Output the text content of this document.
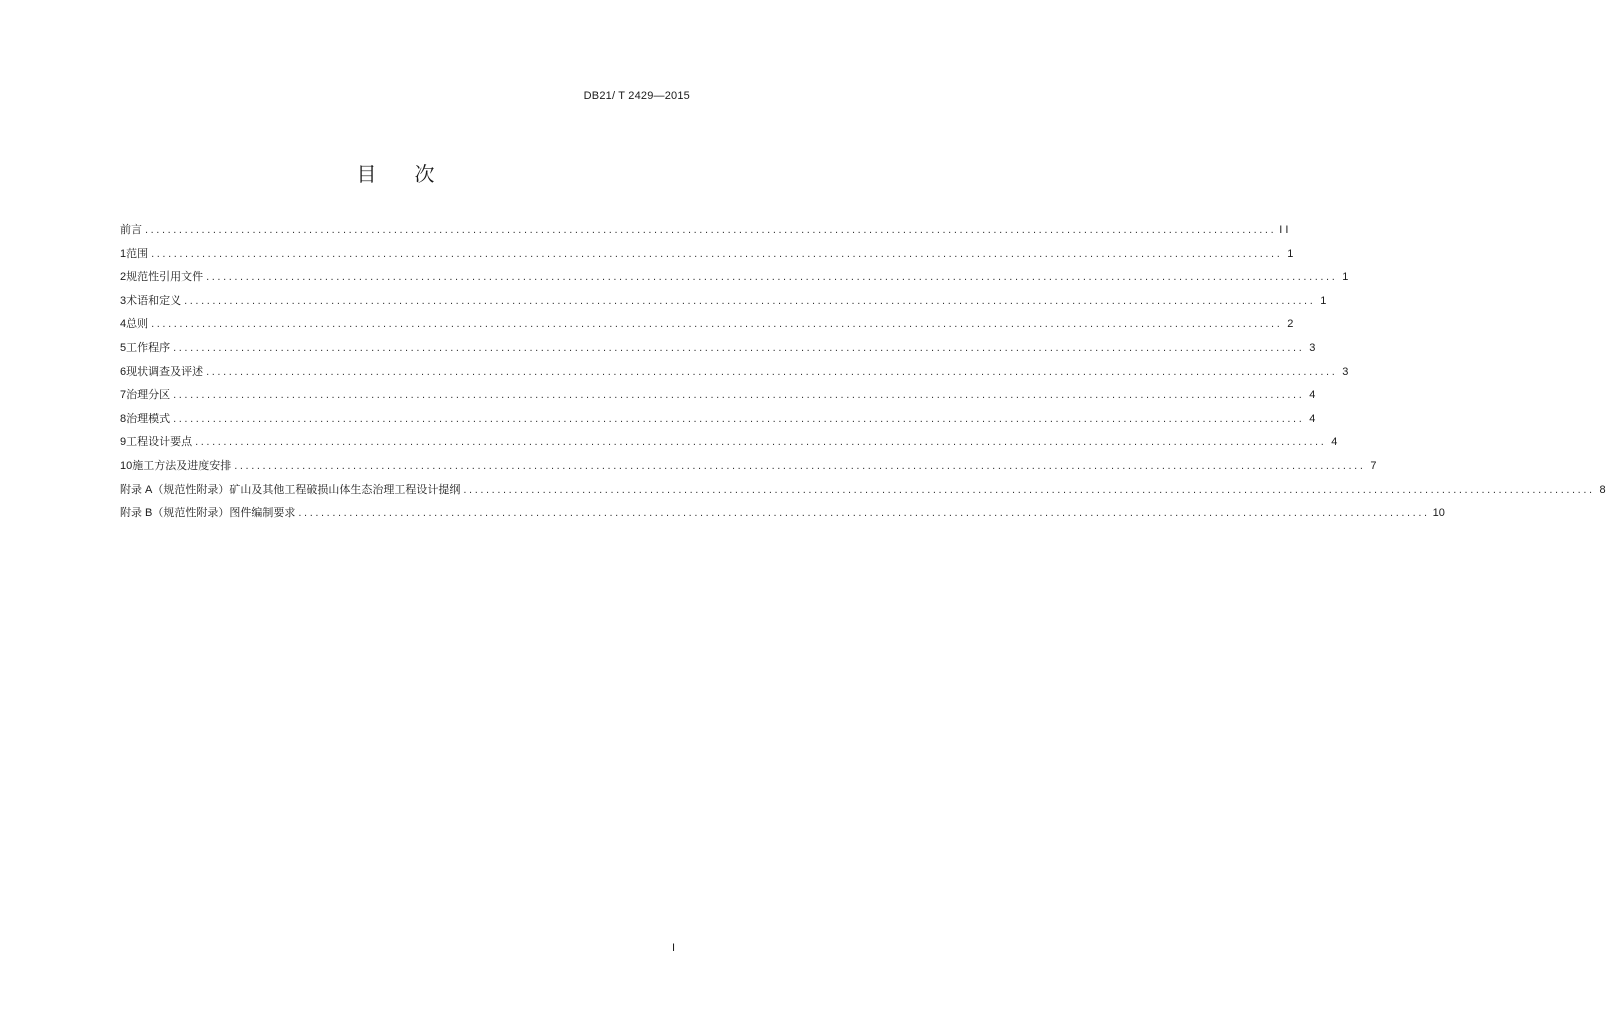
DB21/ T 2429—2015
目 次
前言 ........................................................................................................................................................................................................ I I
1 范围 ........................................................................................................................................................................................................ 1
2 规范性引用文件 ........................................................................................................................................................................................................ 1
3 术语和定义 ........................................................................................................................................................................................................ 1
4 总则 ........................................................................................................................................................................................................ 2
5 工作程序 ........................................................................................................................................................................................................ 3
6 现状调查及评述 ........................................................................................................................................................................................................ 3
7 治理分区 ........................................................................................................................................................................................................ 4
8 治理模式 ........................................................................................................................................................................................................ 4
9 工程设计要点 ........................................................................................................................................................................................................ 4
10 施工方法及进度安排 ........................................................................................................................................................................................................ 7
附录 A（规范性附录） 矿山及其他工程破损山体生态治理工程设计提纲 ........................................................................................................................................................................................................ 8
附录 B（规范性附录） 图件编制要求 ........................................................................................................................................................................................................ 10
I
